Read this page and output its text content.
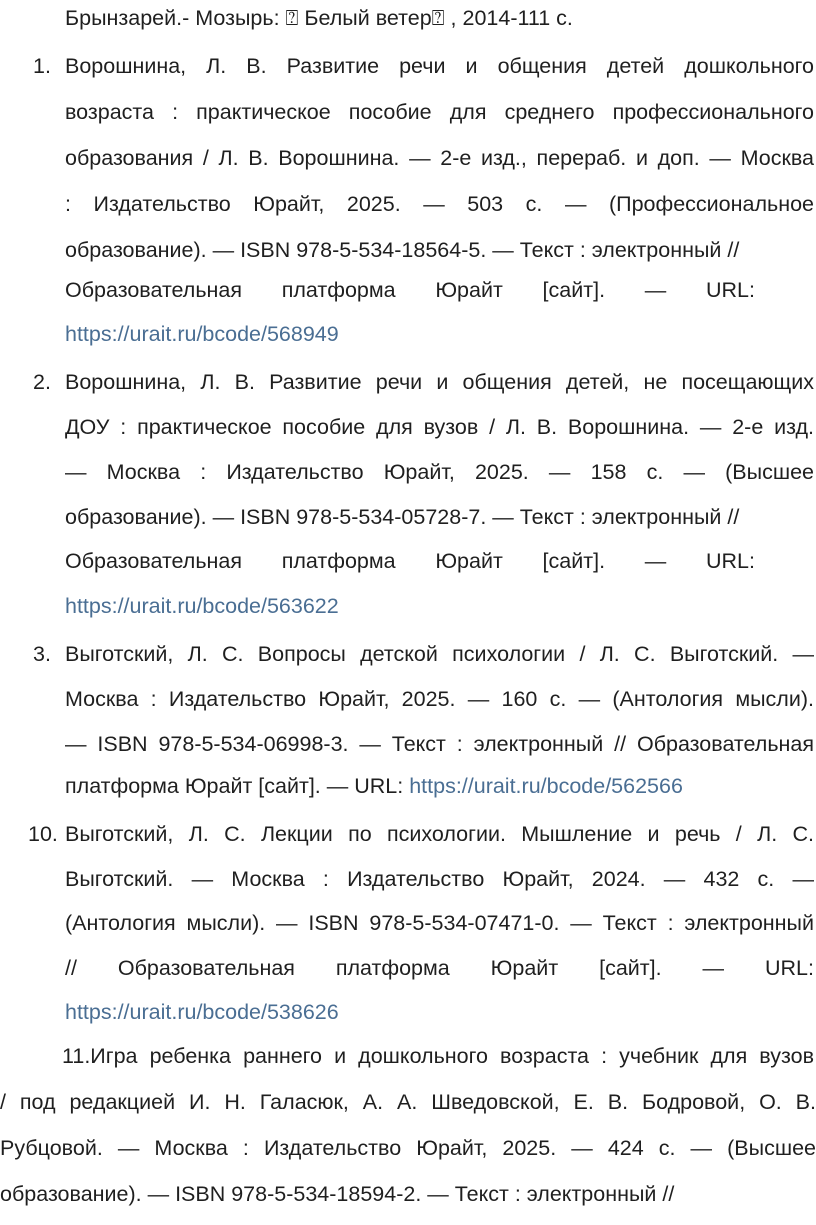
Брынзарей.- Мозырь: ⍰ Белый ветер⍰ , 2014-111 с.
1. Ворошнина, Л. В. Развитие речи и общения детей дошкольного
возраста : практическое пособие для среднего профессионального
образования / Л. В. Ворошнина. — 2-е изд., перераб. и доп. — Москва
: Издательство Юрайт, 2025. — 503 с. — (Профессиональное
образование). — ISBN 978-5-534-18564-5. — Текст : электронный //
Образовательная платформа Юрайт [сайт]. — URL:
https://urait.ru/bcode/568949
2. Ворошнина, Л. В. Развитие речи и общения детей, не посещающих
ДОУ : практическое пособие для вузов / Л. В. Ворошнина. — 2-е изд.
— Москва : Издательство Юрайт, 2025. — 158 с. — (Высшее
образование). — ISBN 978-5-534-05728-7. — Текст : электронный //
Образовательная платформа Юрайт [сайт]. — URL:
https://urait.ru/bcode/563622
3. Выготский, Л. С. Вопросы детской психологии / Л. С. Выготский. —
Москва : Издательство Юрайт, 2025. — 160 с. — (Антология мысли).
— ISBN 978-5-534-06998-3. — Текст : электронный // Образовательная
платформа Юрайт [сайт]. — URL: https://urait.ru/bcode/562566
10. Выготский, Л. С. Лекции по психологии. Мышление и речь / Л. С.
Выготский. — Москва : Издательство Юрайт, 2024. — 432 с. —
(Антология мысли). — ISBN 978-5-534-07471-0. — Текст : электронный
// Образовательная платформа Юрайт [сайт]. — URL:
https://urait.ru/bcode/538626
11.Игра ребенка раннего и дошкольного возраста : учебник для вузов
/ под редакцией И. Н. Галасюк, А. А. Шведовской, Е. В. Бодровой, О. В.
Рубцовой. — Москва : Издательство Юрайт, 2025. — 424 с. — (Высшее
образование). — ISBN 978-5-534-18594-2. — Текст : электронный //
